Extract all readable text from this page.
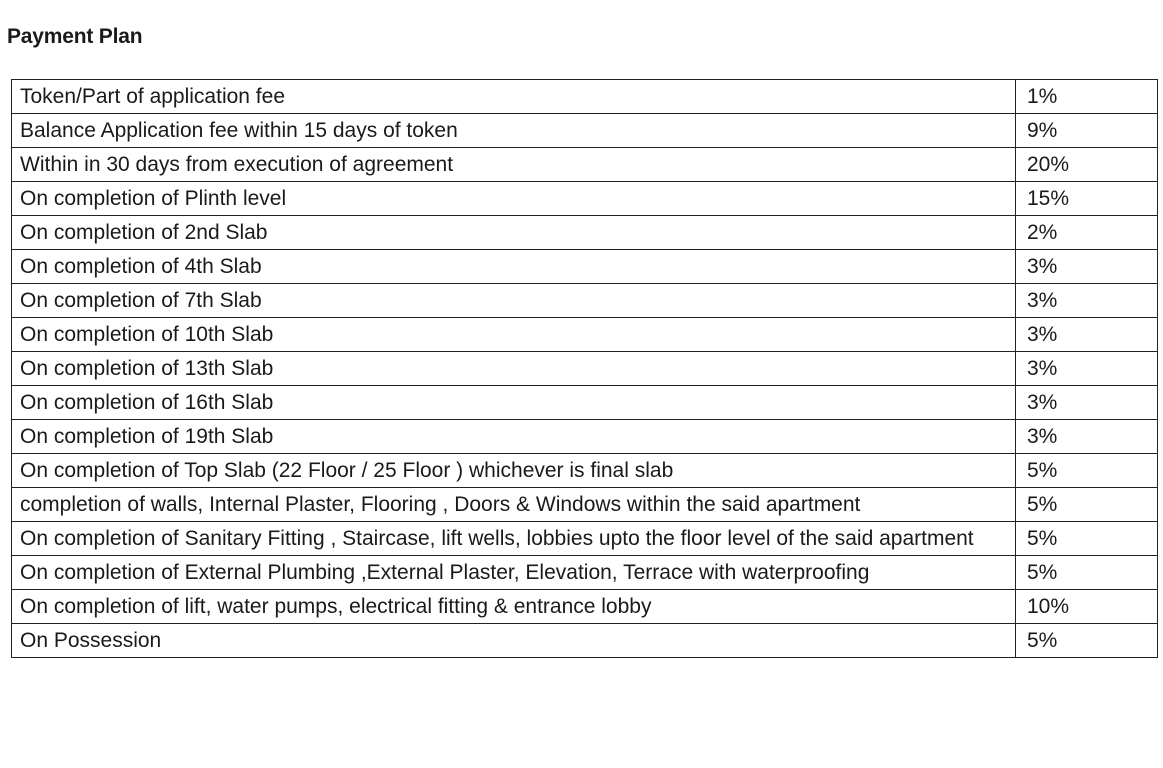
Payment Plan
Token/Part of application fee	1%
Balance Application fee within 15 days of token	9%
Within in 30 days from execution of agreement	20%
On completion of Plinth level	15%
On completion of 2nd Slab	2%
On completion of 4th Slab	3%
On completion of 7th Slab	3%
On completion of 10th Slab	3%
On completion of 13th Slab	3%
On completion of 16th Slab	3%
On completion of 19th Slab	3%
On completion of Top Slab (22 Floor / 25 Floor ) whichever is final slab	5%
completion of walls, Internal Plaster, Flooring , Doors & Windows within the said apartment	5%
On completion of Sanitary Fitting , Staircase, lift wells, lobbies upto the floor level of the said apartment	5%
On completion of External Plumbing ,External Plaster, Elevation, Terrace with waterproofing	5%
On completion of lift, water pumps, electrical fitting & entrance lobby	10%
On Possession	5%
